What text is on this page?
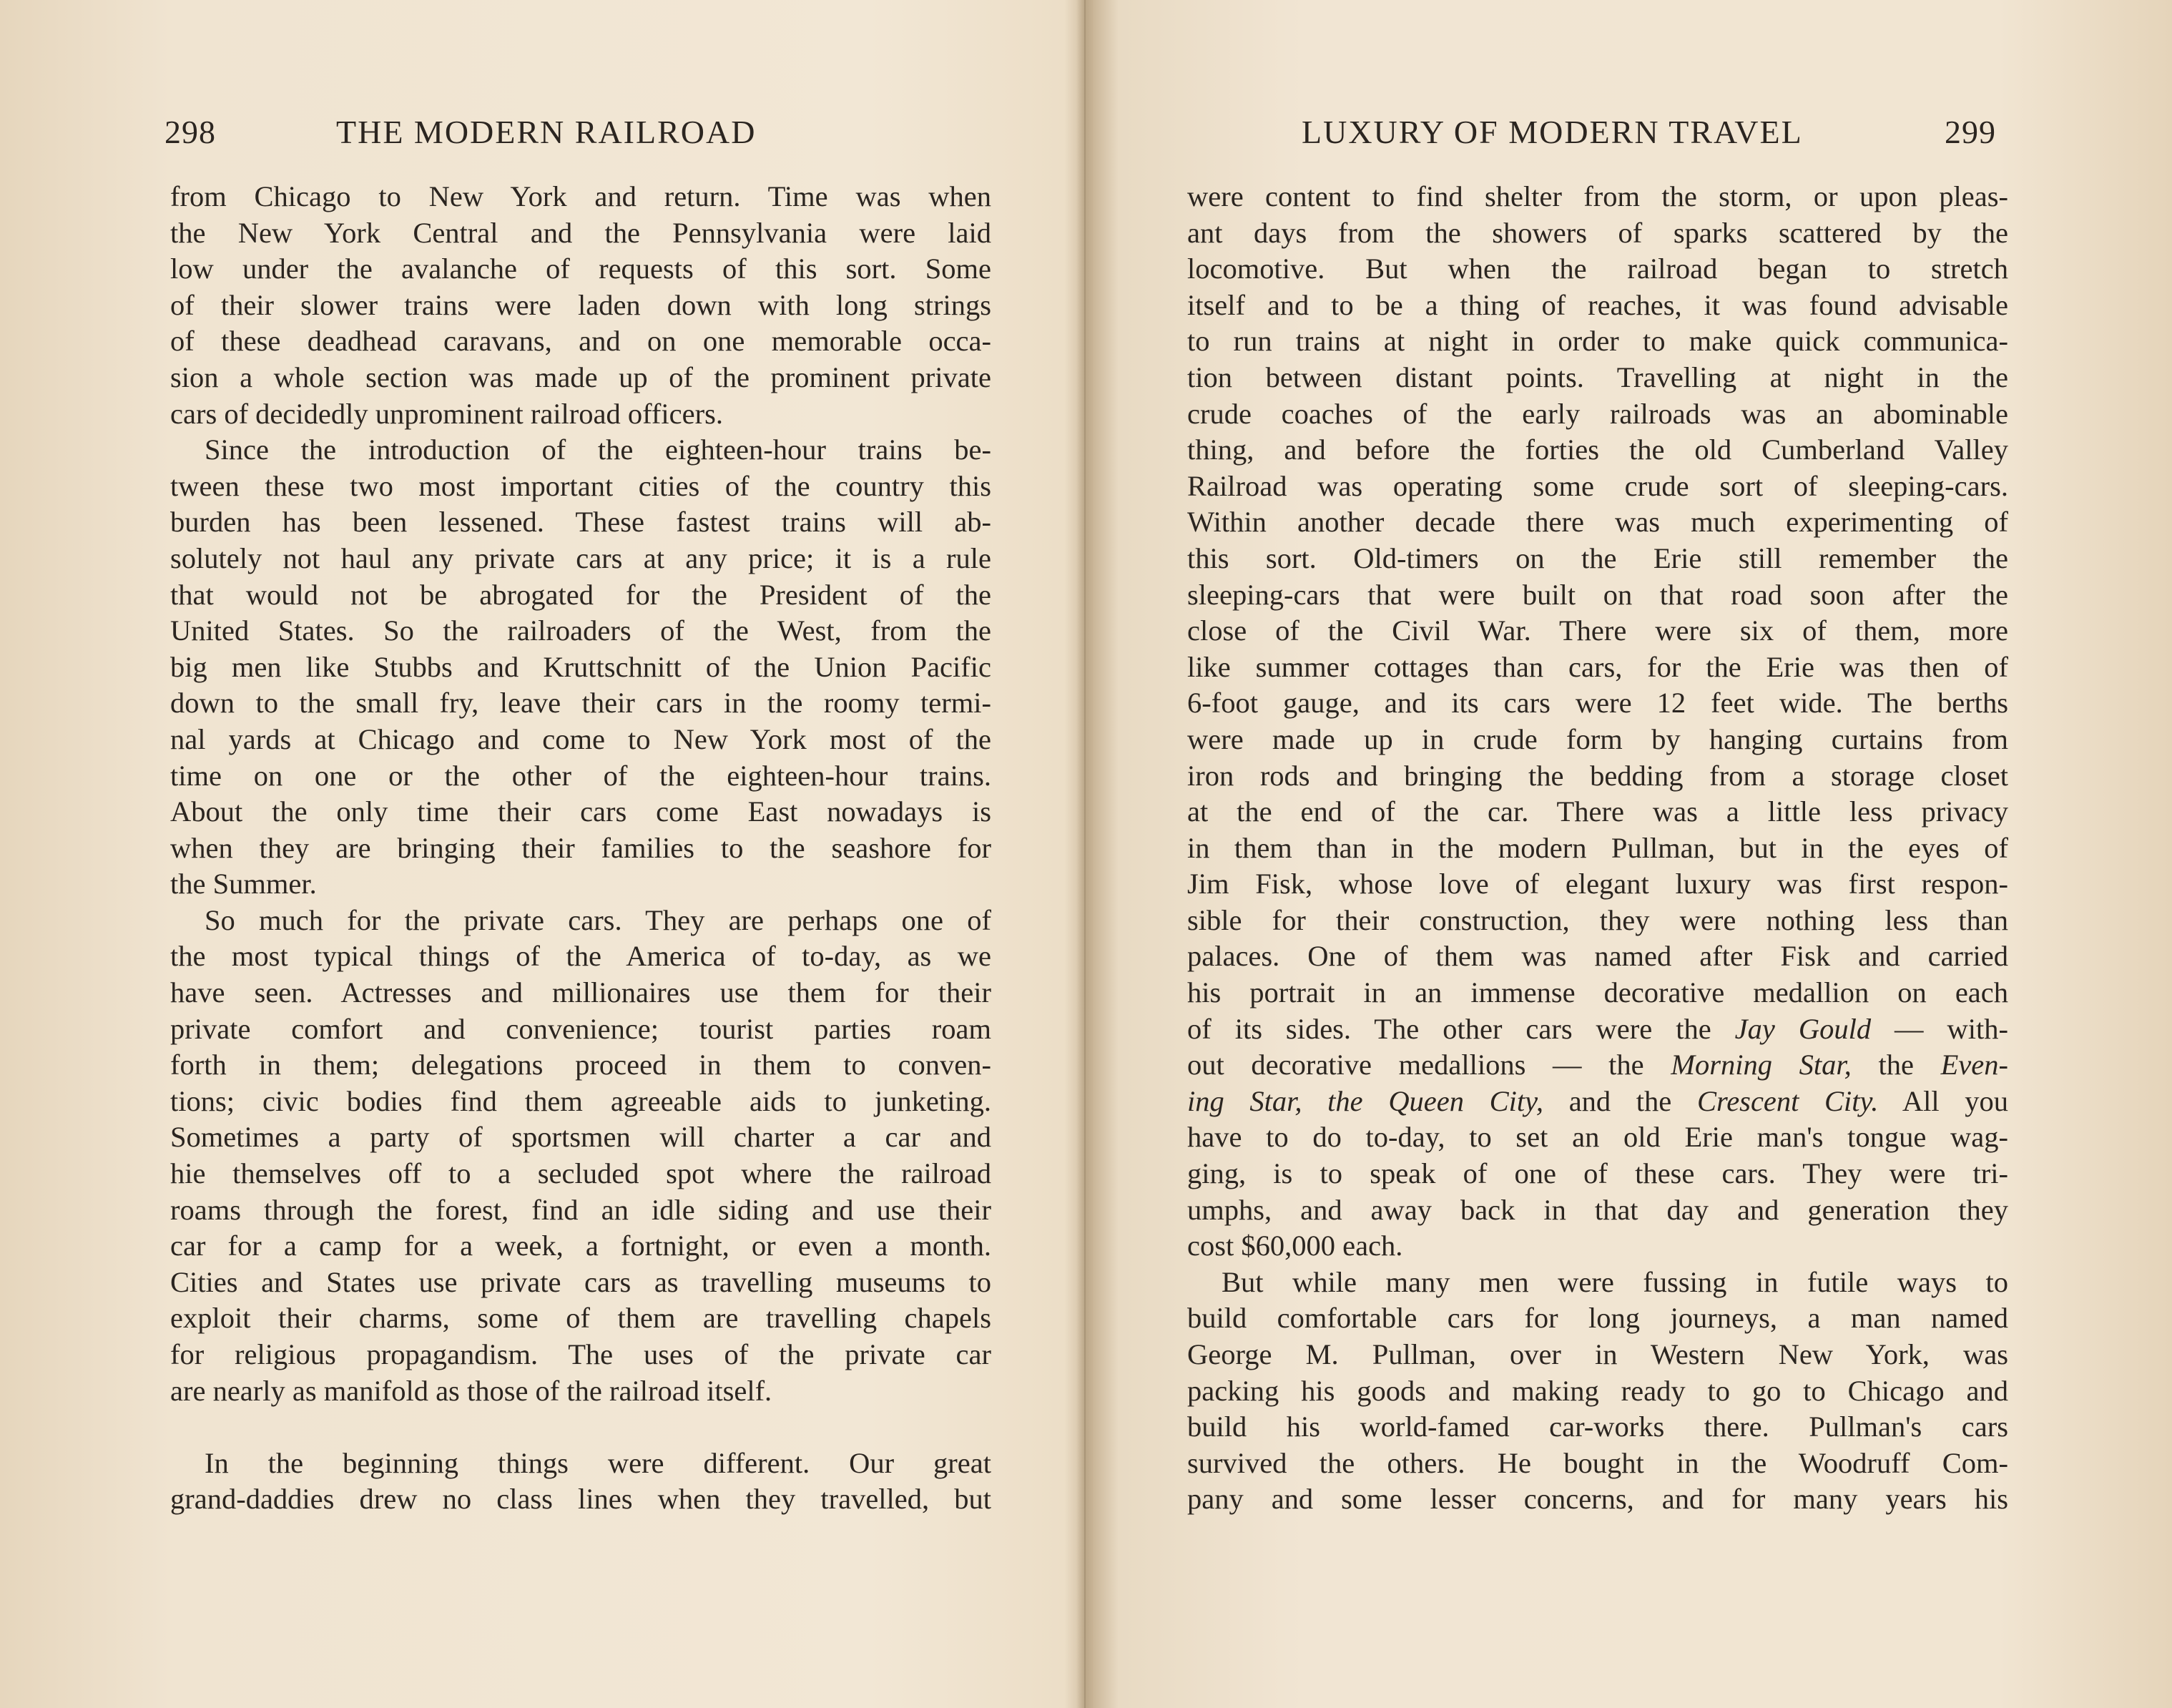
298	THE MODERN RAILROAD
from Chicago to New York and return. Time was when
the New York Central and the Pennsylvania were laid
low under the avalanche of requests of this sort. Some
of their slower trains were laden down with long strings
of these deadhead caravans, and on one memorable occa-
sion a whole section was made up of the prominent private
cars of decidedly unprominent railroad officers.
Since the introduction of the eighteen-hour trains be-
tween these two most important cities of the country this
burden has been lessened. These fastest trains will ab-
solutely not haul any private cars at any price; it is a rule
that would not be abrogated for the President of the
United States. So the railroaders of the West, from the
big men like Stubbs and Kruttschnitt of the Union Pacific
down to the small fry, leave their cars in the roomy termi-
nal yards at Chicago and come to New York most of the
time on one or the other of the eighteen-hour trains.
About the only time their cars come East nowadays is
when they are bringing their families to the seashore for
the Summer.
So much for the private cars. They are perhaps one of
the most typical things of the America of to-day, as we
have seen. Actresses and millionaires use them for their
private comfort and convenience; tourist parties roam
forth in them; delegations proceed in them to conven-
tions; civic bodies find them agreeable aids to junketing.
Sometimes a party of sportsmen will charter a car and
hie themselves off to a secluded spot where the railroad
roams through the forest, find an idle siding and use their
car for a camp for a week, a fortnight, or even a month.
Cities and States use private cars as travelling museums to
exploit their charms, some of them are travelling chapels
for religious propagandism. The uses of the private car
are nearly as manifold as those of the railroad itself.
In the beginning things were different. Our great
grand-daddies drew no class lines when they travelled, but
LUXURY OF MODERN TRAVEL	299
were content to find shelter from the storm, or upon pleas-
ant days from the showers of sparks scattered by the
locomotive. But when the railroad began to stretch
itself and to be a thing of reaches, it was found advisable
to run trains at night in order to make quick communica-
tion between distant points. Travelling at night in the
crude coaches of the early railroads was an abominable
thing, and before the forties the old Cumberland Valley
Railroad was operating some crude sort of sleeping-cars.
Within another decade there was much experimenting of
this sort. Old-timers on the Erie still remember the
sleeping-cars that were built on that road soon after the
close of the Civil War. There were six of them, more
like summer cottages than cars, for the Erie was then of
6-foot gauge, and its cars were 12 feet wide. The berths
were made up in crude form by hanging curtains from
iron rods and bringing the bedding from a storage closet
at the end of the car. There was a little less privacy
in them than in the modern Pullman, but in the eyes of
Jim Fisk, whose love of elegant luxury was first respon-
sible for their construction, they were nothing less than
palaces. One of them was named after Fisk and carried
his portrait in an immense decorative medallion on each
of its sides. The other cars were the Jay Gould — with-
out decorative medallions — the Morning Star, the Even-
ing Star, the Queen City, and the Crescent City. All you
have to do to-day, to set an old Erie man's tongue wag-
ging, is to speak of one of these cars. They were tri-
umphs, and away back in that day and generation they
cost $60,000 each.
But while many men were fussing in futile ways to
build comfortable cars for long journeys, a man named
George M. Pullman, over in Western New York, was
packing his goods and making ready to go to Chicago and
build his world-famed car-works there. Pullman's cars
survived the others. He bought in the Woodruff Com-
pany and some lesser concerns, and for many years his
